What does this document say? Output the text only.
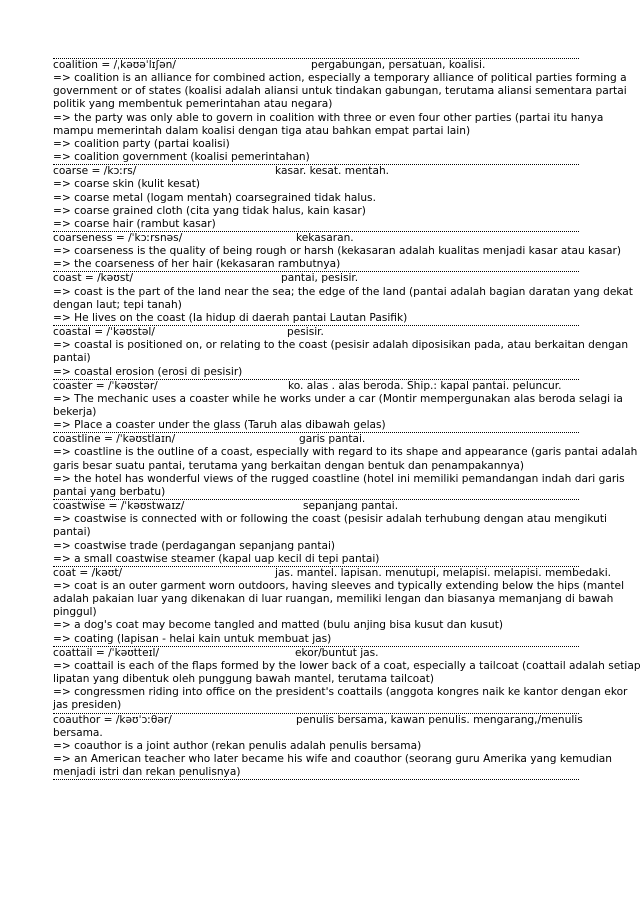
coalition = /ˌkəʊəˈlɪʃən/	pergabungan, persatuan, koalisi.
=> coalition is an alliance for combined action, especially a temporary alliance of political parties forming a
government or of states (koalisi adalah aliansi untuk tindakan gabungan, terutama aliansi sementara partai
politik yang membentuk pemerintahan atau negara)
=> the party was only able to govern in coalition with three or even four other parties (partai itu hanya
mampu memerintah dalam koalisi dengan tiga atau bahkan empat partai lain)
=> coalition party (partai koalisi)
=> coalition government (koalisi pemerintahan)
coarse = /kɔːrs/	kasar. kesat. mentah.
=> coarse skin (kulit kesat)
=> coarse metal (logam mentah) coarsegrained tidak halus.
=> coarse grained cloth (cita yang tidak halus, kain kasar)
=> coarse hair (rambut kasar)
coarseness = /ˈkɔːrsnəs/	kekasaran.
=> coarseness is the quality of being rough or harsh (kekasaran adalah kualitas menjadi kasar atau kasar)
=> the coarseness of her hair (kekasaran rambutnya)
coast = /kəʊst/	pantai, pesisir.
=> coast is the part of the land near the sea; the edge of the land (pantai adalah bagian daratan yang dekat
dengan laut; tepi tanah)
=> He lives on the coast (Ia hidup di daerah pantai Lautan Pasifik)
coastal = /ˈkəʊstəl/	pesisir.
=> coastal is positioned on, or relating to the coast (pesisir adalah diposisikan pada, atau berkaitan dengan
pantai)
=> coastal erosion (erosi di pesisir)
coaster = /ˈkəʊstər/	ko. alas . alas beroda. Ship.: kapal pantai. peluncur.
=> The mechanic uses a coaster while he works under a car (Montir mempergunakan alas beroda selagi ia
bekerja)
=> Place a coaster under the glass (Taruh alas dibawah gelas)
coastline = /ˈkəʊstlaɪn/	garis pantai.
=> coastline is the outline of a coast, especially with regard to its shape and appearance (garis pantai adalah
garis besar suatu pantai, terutama yang berkaitan dengan bentuk dan penampakannya)
=> the hotel has wonderful views of the rugged coastline (hotel ini memiliki pemandangan indah dari garis
pantai yang berbatu)
coastwise = /ˈkəʊstwaɪz/	sepanjang pantai.
=> coastwise is connected with or following the coast (pesisir adalah terhubung dengan atau mengikuti
pantai)
=> coastwise trade (perdagangan sepanjang pantai)
=> a small coastwise steamer (kapal uap kecil di tepi pantai)
coat = /kəʊt/	jas. mantel. lapisan. menutupi, melapisi. melapisi. membedaki.
=> coat is an outer garment worn outdoors, having sleeves and typically extending below the hips (mantel
adalah pakaian luar yang dikenakan di luar ruangan, memiliki lengan dan biasanya memanjang di bawah
pinggul)
=> a dog's coat may become tangled and matted (bulu anjing bisa kusut dan kusut)
=> coating (lapisan - helai kain untuk membuat jas)
coattail = /ˈkəʊtteɪl/	ekor/buntut jas.
=> coattail is each of the flaps formed by the lower back of a coat, especially a tailcoat (coattail adalah setiap
lipatan yang dibentuk oleh punggung bawah mantel, terutama tailcoat)
=> congressmen riding into office on the president's coattails (anggota kongres naik ke kantor dengan ekor
jas presiden)
coauthor = /kəʊˈɔːθər/	penulis bersama, kawan penulis. mengarang,/menulis
bersama.
=> coauthor is a joint author (rekan penulis adalah penulis bersama)
=> an American teacher who later became his wife and coauthor (seorang guru Amerika yang kemudian
menjadi istri dan rekan penulisnya)
